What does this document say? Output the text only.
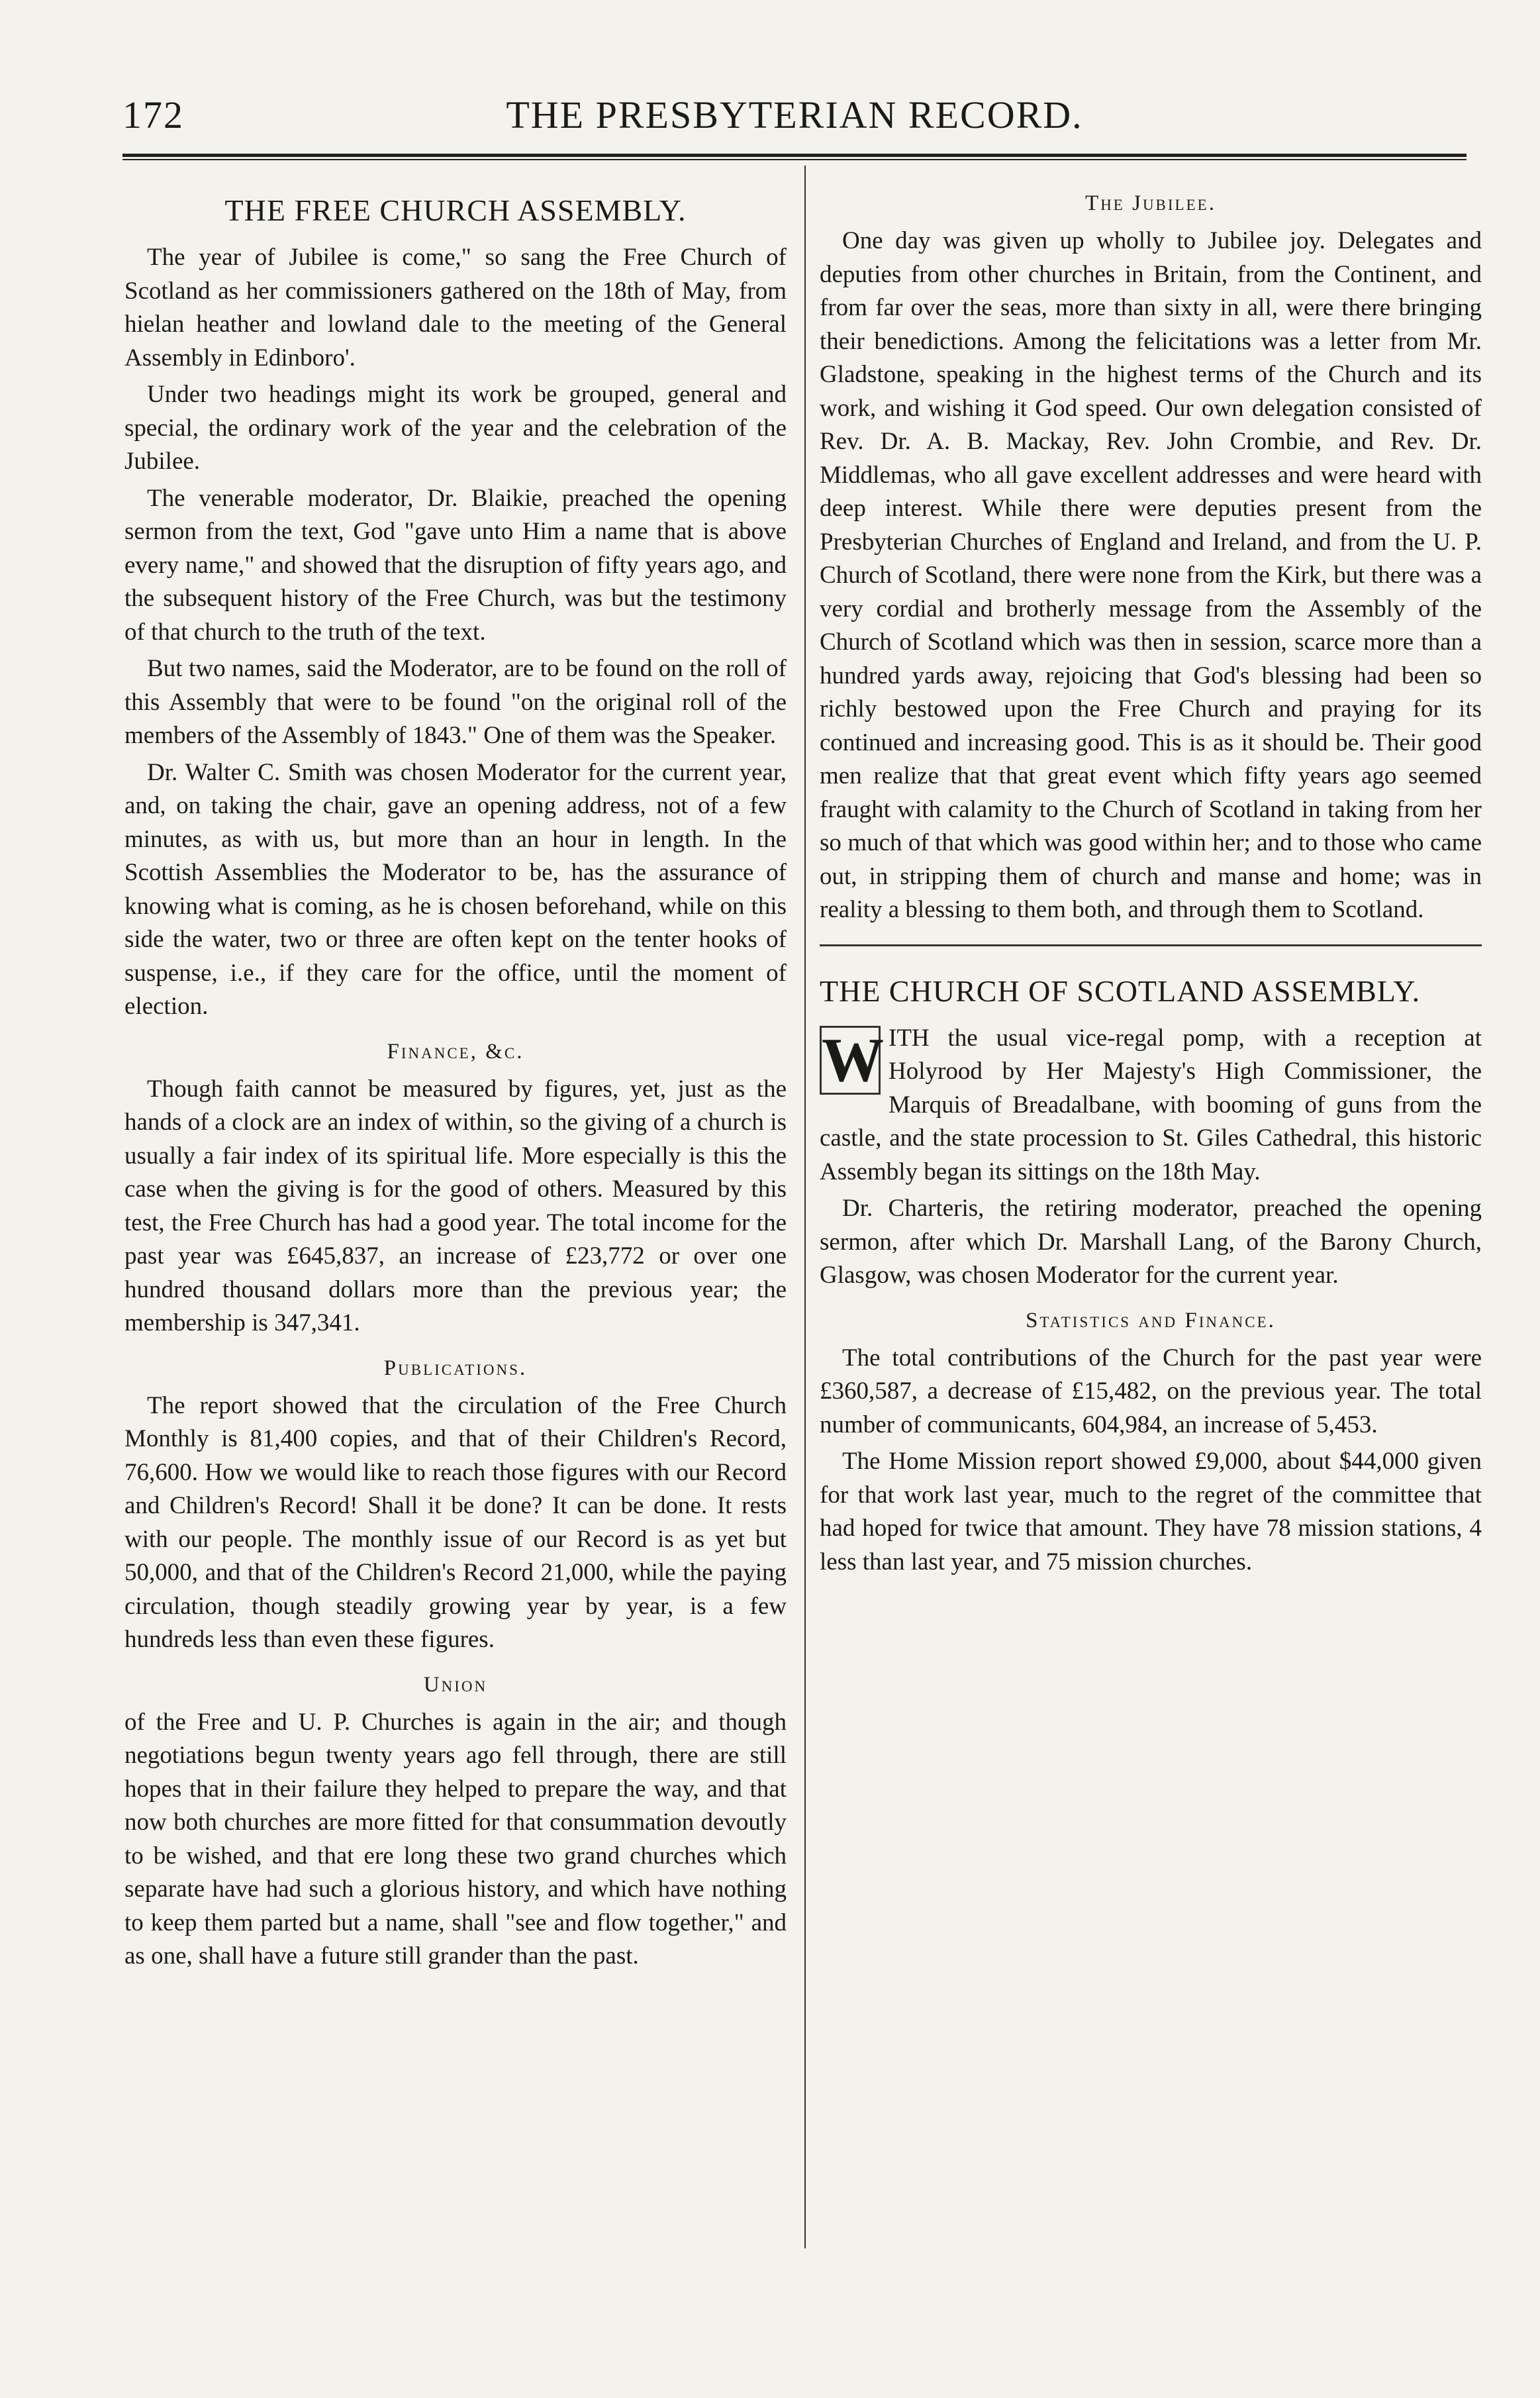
172	THE PRESBYTERIAN RECORD.
THE FREE CHURCH ASSEMBLY.

The year of Jubilee is come," so sang the Free Church of Scotland as her commissioners gathered on the 18th of May, from hielan heather and lowland dale to the meeting of the General Assembly in Edinboro'.

Under two headings might its work be grouped, general and special, the ordinary work of the year and the celebration of the Jubilee.

The venerable moderator, Dr. Blaikie, preached the opening sermon from the text, God "gave unto Him a name that is above every name," and showed that the disruption of fifty years ago, and the subsequent history of the Free Church, was but the testimony of that church to the truth of the text.

But two names, said the Moderator, are to be found on the roll of this Assembly that were to be found "on the original roll of the members of the Assembly of 1843." One of them was the Speaker.

Dr. Walter C. Smith was chosen Moderator for the current year, and, on taking the chair, gave an opening address, not of a few minutes, as with us, but more than an hour in length. In the Scottish Assemblies the Moderator to be, has the assurance of knowing what is coming, as he is chosen beforehand, while on this side the water, two or three are often kept on the tenter hooks of suspense, i.e., if they care for the office, until the moment of election.

Finance, &c.

Though faith cannot be measured by figures, yet, just as the hands of a clock are an index of within, so the giving of a church is usually a fair index of its spiritual life. More especially is this the case when the giving is for the good of others. Measured by this test, the Free Church has had a good year. The total income for the past year was £645,837, an increase of £23,772 or over one hundred thousand dollars more than the previous year; the membership is 347,341.

Publications.

The report showed that the circulation of the Free Church Monthly is 81,400 copies, and that of their Children's Record, 76,600. How we would like to reach those figures with our Record and Children's Record! Shall it be done? It can be done. It rests with our people. The monthly issue of our Record is as yet but 50,000, and that of the Children's Record 21,000, while the paying circulation, though steadily growing year by year, is a few hundreds less than even these figures.

Union

of the Free and U. P. Churches is again in the air; and though negotiations begun twenty years ago fell through, there are still hopes that in their failure they helped to prepare the way, and that now both churches are more fitted for that consummation devoutly to be wished, and that ere long these two grand churches which separate have had such a glorious history, and which have nothing to keep them parted but a name, shall "see and flow together," and as one, shall have a future still grander than the past.

The Jubilee.

One day was given up wholly to Jubilee joy. Delegates and deputies from other churches in Britain, from the Continent, and from far over the seas, more than sixty in all, were there bringing their benedictions. Among the felicitations was a letter from Mr. Gladstone, speaking in the highest terms of the Church and its work, and wishing it God speed. Our own delegation consisted of Rev. Dr. A. B. Mackay, Rev. John Crombie, and Rev. Dr. Middlemas, who all gave excellent addresses and were heard with deep interest. While there were deputies present from the Presbyterian Churches of England and Ireland, and from the U. P. Church of Scotland, there were none from the Kirk, but there was a very cordial and brotherly message from the Assembly of the Church of Scotland which was then in session, scarce more than a hundred yards away, rejoicing that God's blessing had been so richly bestowed upon the Free Church and praying for its continued and increasing good. This is as it should be. Their good men realize that that great event which fifty years ago seemed fraught with calamity to the Church of Scotland in taking from her so much of that which was good within her; and to those who came out, in stripping them of church and manse and home; was in reality a blessing to them both, and through them to Scotland.

THE CHURCH OF SCOTLAND ASSEMBLY.
W ITH the usual vice-regal pomp, with a reception at Holyrood by Her Majesty's High Commissioner, the Marquis of Breadalbane, with booming of guns from the castle, and the state procession to St. Giles Cathedral, this historic Assembly began its sittings on the 18th May.

Dr. Charteris, the retiring moderator, preached the opening sermon, after which Dr. Marshall Lang, of the Barony Church, Glasgow, was chosen Moderator for the current year.

Statistics and Finance.

The total contributions of the Church for the past year were £360,587, a decrease of £15,482, on the previous year. The total number of communicants, 604,984, an increase of 5,453.

The Home Mission report showed £9,000, about $44,000 given for that work last year, much to the regret of the committee that had hoped for twice that amount. They have 78 mission stations, 4 less than last year, and 75 mission churches.
